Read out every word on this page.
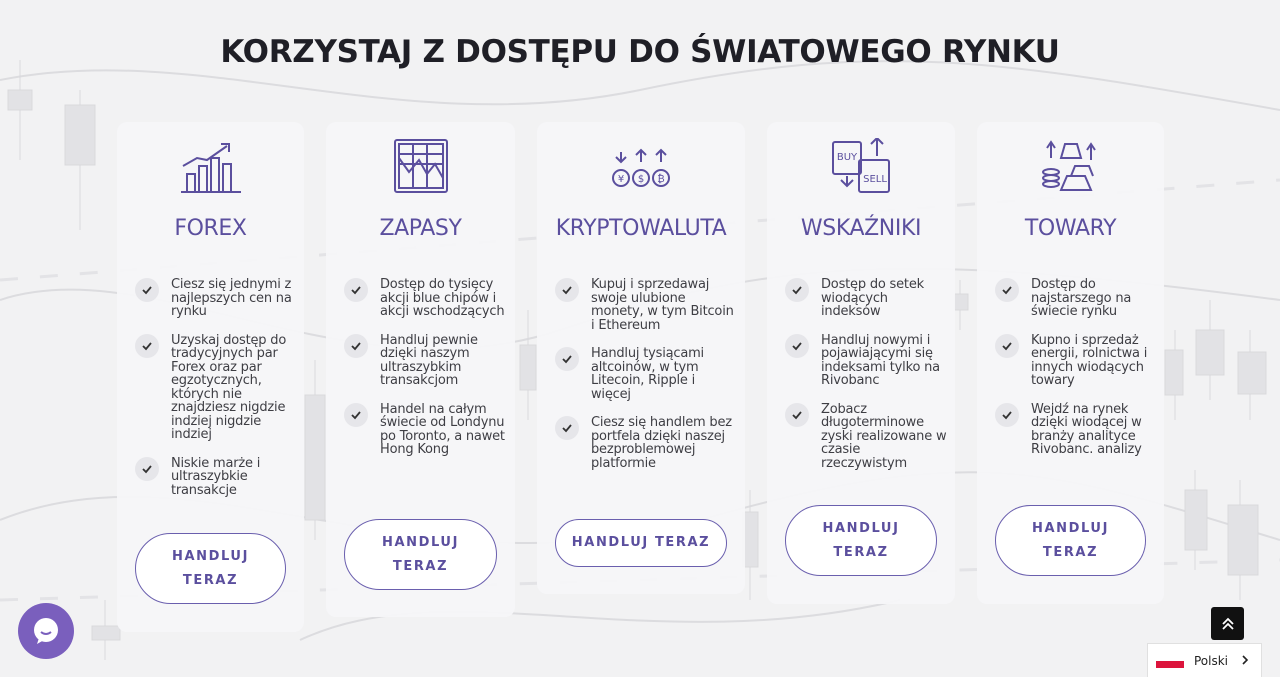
KORZYSTAJ Z DOSTĘPU DO ŚWIATOWEGO RYNKU
FOREX
Ciesz się jednymi z najlepszych cen na rynku
Uzyskaj dostęp do tradycyjnych par Forex oraz par egzotycznych, których nie znajdziesz nigdzie indziej nigdzie indziej
Niskie marże i ultraszybkie transakcje
HANDLUJ TERAZ
ZAPASY
Dostęp do tysięcy akcji blue chipów i akcji wschodzących
Handluj pewnie dzięki naszym ultraszybkim transakcjom
Handel na całym świecie od Londynu po Toronto, a nawet Hong Kong
HANDLUJ TERAZ
¥ $ ₿
KRYPTOWALUTA
Kupuj i sprzedawaj swoje ulubione monety, w tym Bitcoin i Ethereum
Handluj tysiącami altcoinów, w tym Litecoin, Ripple i więcej
Ciesz się handlem bez portfela dzięki naszej bezproblemowej platformie
HANDLUJ TERAZ
BUY
SELL
WSKAŹNIKI
Dostęp do setek wiodących indeksów
Handluj nowymi i pojawiającymi się indeksami tylko na Rivobanc
Zobacz długoterminowe zyski realizowane w czasie rzeczywistym
HANDLUJ TERAZ
TOWARY
Dostęp do najstarszego na świecie rynku
Kupno i sprzedaż energii, rolnictwa i innych wiodących towary
Wejdź na rynek dzięki wiodącej w branży analityce Rivobanc. analizy
HANDLUJ TERAZ
Polski
